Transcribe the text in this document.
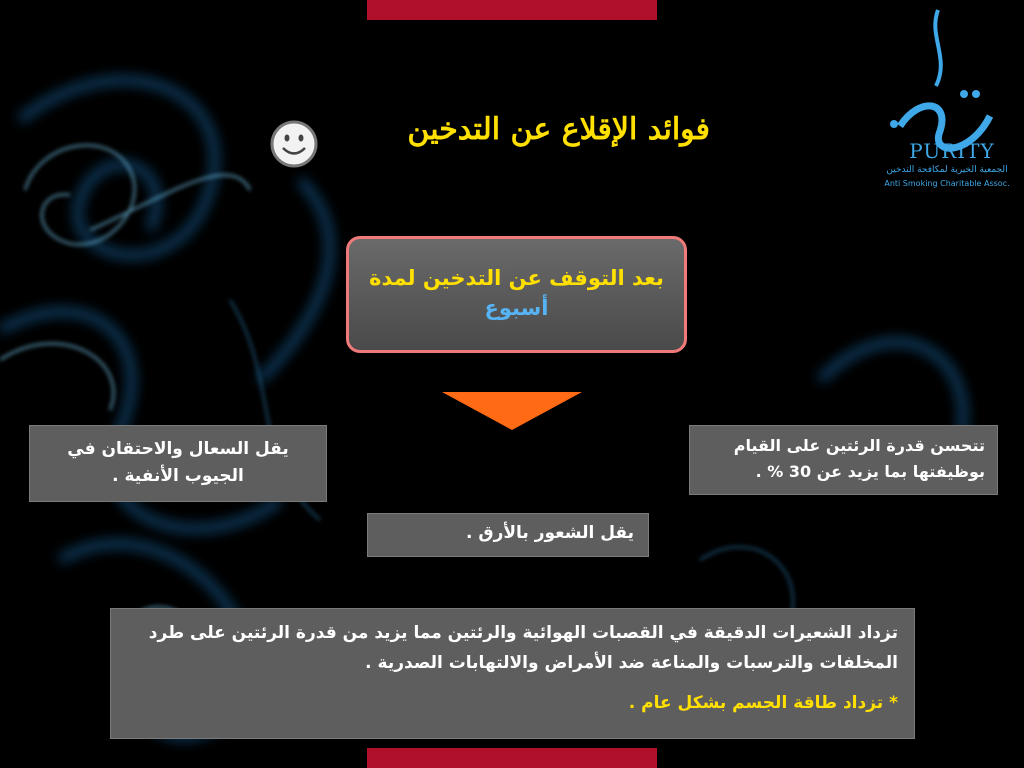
فوائد الإقلاع عن التدخين	نقاء
PURITY
الجمعية الخيرية لمكافحة التدخين
Anti Smoking Charitable Assoc.
بعد التوقف عن التدخين لمدة
أسبوع
يقل السعال والاحتقان في الجيوب الأنفية .
تتحسن قدرة الرئتين على القيام بوظيفتها بما يزيد عن 30 % .
يقل الشعور بالأرق .
تزداد الشعيرات الدقيقة في القصبات الهوائية والرئتين مما يزيد من قدرة الرئتين على طرد المخلفات والترسبات والمناعة ضد الأمراض والالتهابات الصدرية .
* تزداد طاقة الجسم بشكل عام .
